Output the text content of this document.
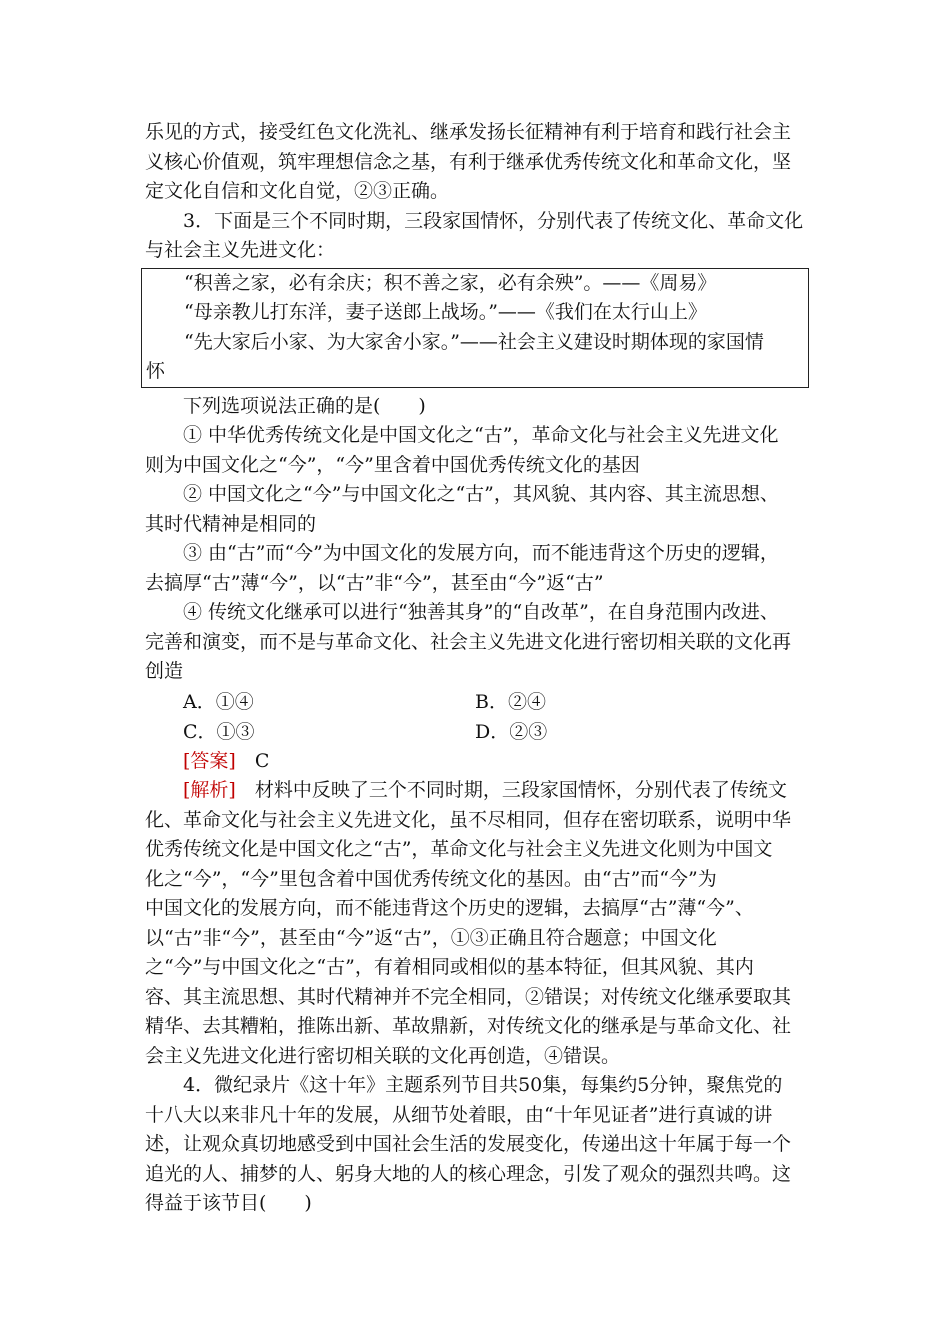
乐见的方式，接受红色文化洗礼、继承发扬长征精神有利于培育和践行社会主
义核心价值观，筑牢理想信念之基，有利于继承优秀传统文化和革命文化，坚
定文化自信和文化自觉，②③正确。

3．下面是三个不同时期，三段家国情怀，分别代表了传统文化、革命文化
与社会主义先进文化：

“积善之家，必有余庆；积不善之家，必有余殃”。——《周易》

“母亲教儿打东洋，妻子送郎上战场。”——《我们在太行山上》

“先大家后小家、为大家舍小家。”——社会主义建设时期体现的家国情

怀

下列选项说法正确的是(　　)

① 中华优秀传统文化是中国文化之“古”，革命文化与社会主义先进文化
则为中国文化之“今”，“今”里含着中国优秀传统文化的基因

② 中国文化之“今”与中国文化之“古”，其风貌、其内容、其主流思想、
其时代精神是相同的

③ 由“古”而“今”为中国文化的发展方向，而不能违背这个历史的逻辑，
去搞厚“古”薄“今”，以“古”非“今”，甚至由“今”返“古”

④ 传统文化继承可以进行“独善其身”的“自改革”，在自身范围内改进、
完善和演变，而不是与革命文化、社会主义先进文化进行密切相关联的文化再
创造

A．①④	B．②④
C．①③	D．②③

[答案]　C

[解析]　材料中反映了三个不同时期，三段家国情怀，分别代表了传统文
化、革命文化与社会主义先进文化，虽不尽相同，但存在密切联系，说明中华
优秀传统文化是中国文化之“古”，革命文化与社会主义先进文化则为中国文
化之“今”，“今”里包含着中国优秀传统文化的基因。由“古”而“今”为
中国文化的发展方向，而不能违背这个历史的逻辑，去搞厚“古”薄“今”、
以“古”非“今”，甚至由“今”返“古”，①③正确且符合题意；中国文化
之“今”与中国文化之“古”，有着相同或相似的基本特征，但其风貌、其内
容、其主流思想、其时代精神并不完全相同，②错误；对传统文化继承要取其
精华、去其糟粕，推陈出新、革故鼎新，对传统文化的继承是与革命文化、社
会主义先进文化进行密切相关联的文化再创造，④错误。

4．微纪录片《这十年》主题系列节目共50集，每集约5分钟，聚焦党的
十八大以来非凡十年的发展，从细节处着眼，由“十年见证者”进行真诚的讲
述，让观众真切地感受到中国社会生活的发展变化，传递出这十年属于每一个
追光的人、捕梦的人、躬身大地的人的核心理念，引发了观众的强烈共鸣。这
得益于该节目(　　)
